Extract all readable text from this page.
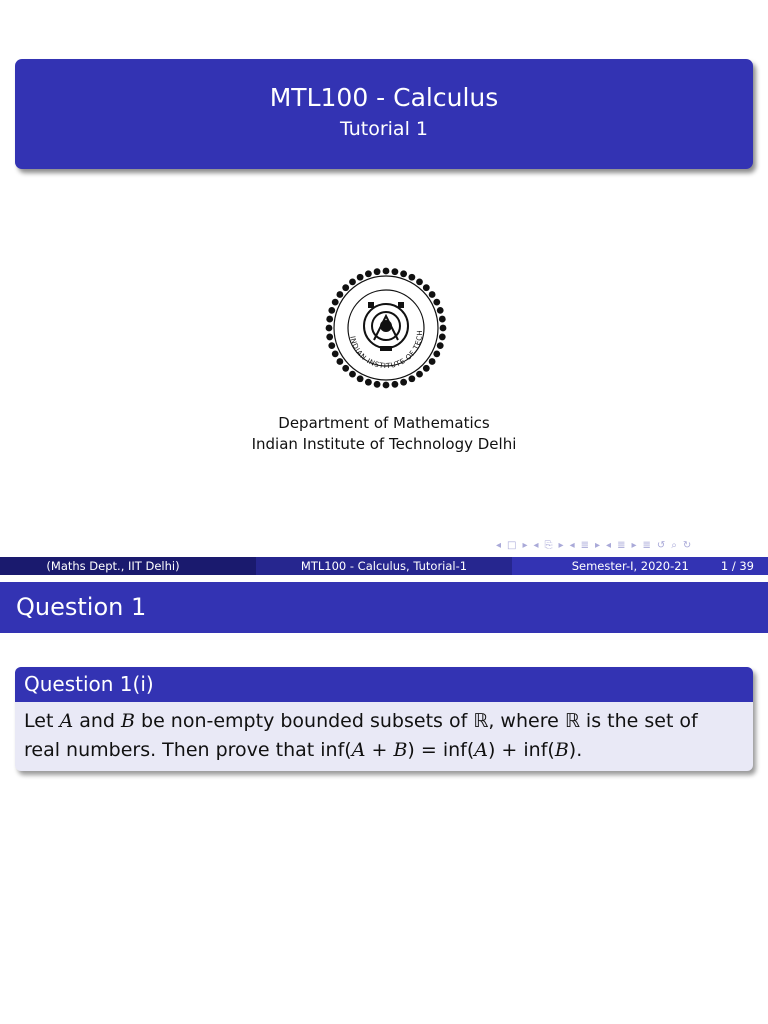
MTL100 - Calculus
Tutorial 1
INDIAN INSTITUTE OF TECH
Department of Mathematics
Indian Institute of Technology Delhi
◂ □ ▸ ◂ ⎘ ▸ ◂ ≣ ▸ ◂ ≣ ▸ ≣ ↺ ⌕ ↻
(Maths Dept., IIT Delhi)	MTL100 - Calculus, Tutorial-1	Semester-I, 2020-21	1 / 39
Question 1
Question 1(i)
Let A and B be non-empty bounded subsets of ℝ, where ℝ is the set of
real numbers. Then prove that inf(A + B) = inf(A) + inf(B).
